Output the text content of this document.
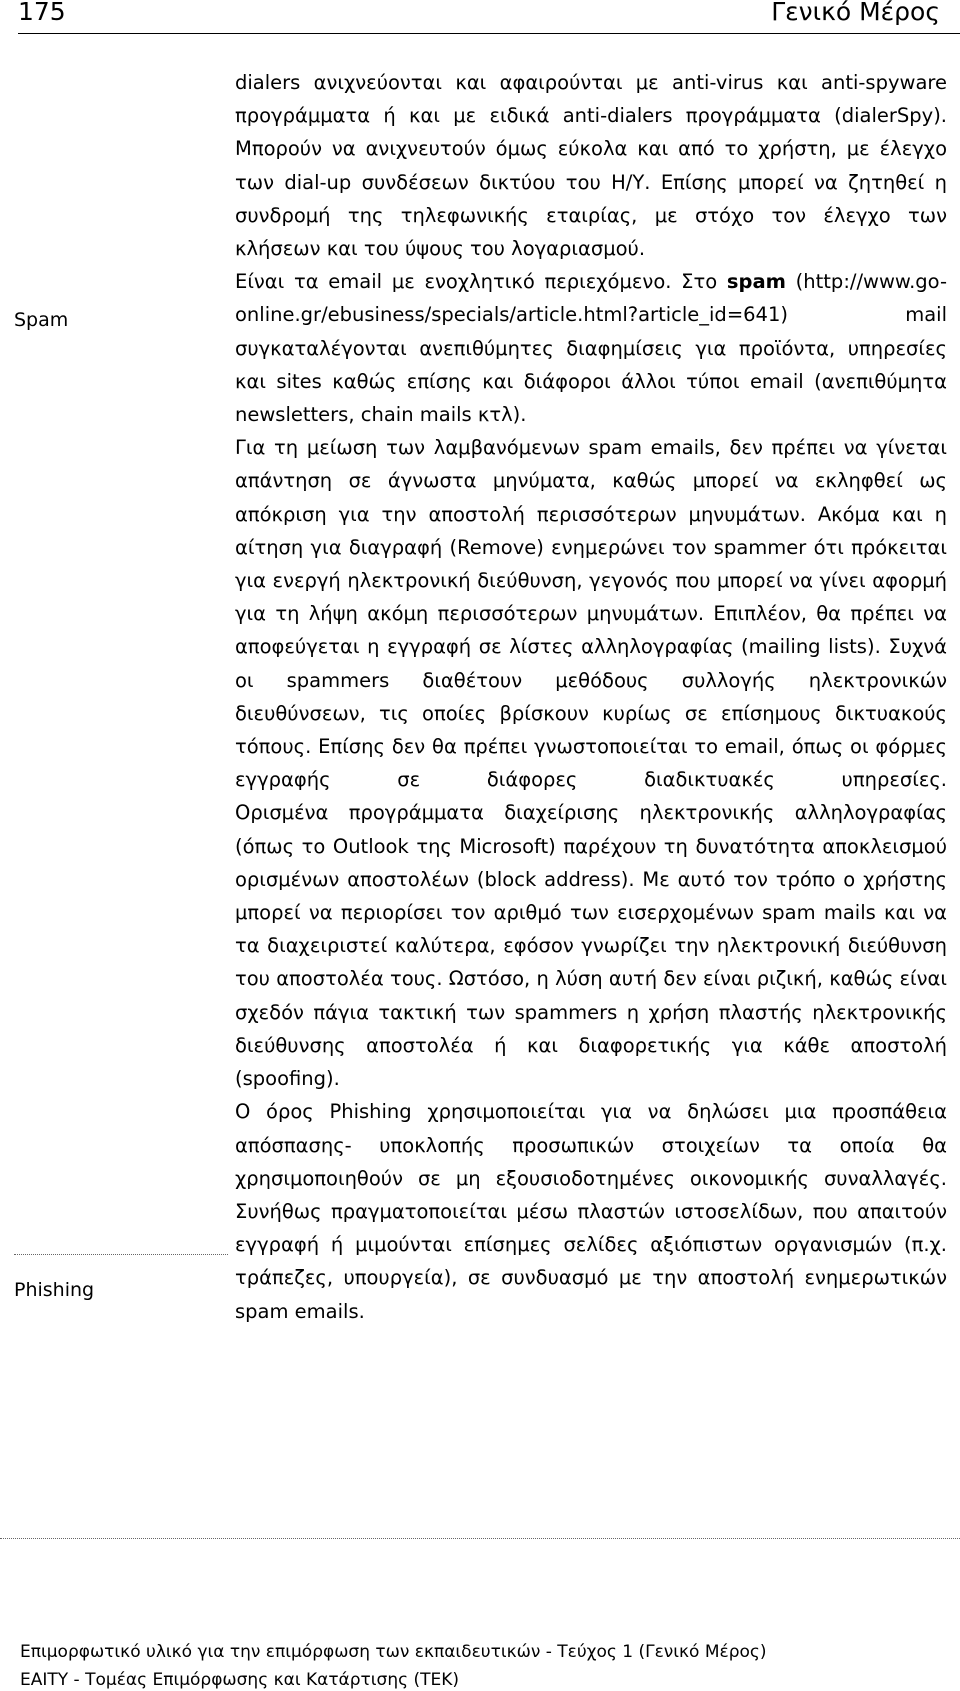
175	Γενικό Μέρος
Spam
Phishing

dialers ανιχνεύονται και αφαιρούνται με anti-virus και anti-spyware προγράμματα ή και με ειδικά anti-dialers προγράμματα (dialerSpy). Μπορούν να ανιχνευτούν όμως εύκολα και από το χρήστη, με έλεγχο των dial-up συνδέσεων δικτύου του Η/Υ. Επίσης μπορεί να ζητηθεί η συνδρομή της τηλεφωνικής εταιρίας, με στόχο τον έλεγχο των κλήσεων και του ύψους του λογαριασμού.

Είναι τα email με ενοχλητικό περιεχόμενο. Στο spam (http://www.go-online.gr/ebusiness/specials/article.html?article_id=641) mail συγκαταλέγονται ανεπιθύμητες διαφημίσεις για προϊόντα, υπηρεσίες και sites καθώς επίσης και διάφοροι άλλοι τύποι email (ανεπιθύμητα newsletters, chain mails κτλ).

Για τη μείωση των λαμβανόμενων spam emails, δεν πρέπει να γίνεται απάντηση σε άγνωστα μηνύματα, καθώς μπορεί να εκληφθεί ως απόκριση για την αποστολή περισσότερων μηνυμάτων. Ακόμα και η αίτηση για διαγραφή (Remove) ενημερώνει τον spammer ότι πρόκειται για ενεργή ηλεκτρονική διεύθυνση, γεγονός που μπορεί να γίνει αφορμή για τη λήψη ακόμη περισσότερων μηνυμάτων. Επιπλέον, θα πρέπει να αποφεύγεται η εγγραφή σε λίστες αλληλογραφίας (mailing lists). Συχνά οι spammers διαθέτουν μεθόδους συλλογής ηλεκτρονικών διευθύνσεων, τις οποίες βρίσκουν κυρίως σε επίσημους δικτυακούς τόπους. Επίσης δεν θα πρέπει γνωστοποιείται το email, όπως οι φόρμες εγγραφής σε διάφορες διαδικτυακές υπηρεσίες.

Ορισμένα προγράμματα διαχείρισης ηλεκτρονικής αλληλογραφίας (όπως το Outlook της Microsoft) παρέχουν τη δυνατότητα αποκλεισμού ορισμένων αποστολέων (block address). Με αυτό τον τρόπο ο χρήστης μπορεί να περιορίσει τον αριθμό των εισερχομένων spam mails και να τα διαχειριστεί καλύτερα, εφόσον γνωρίζει την ηλεκτρονική διεύθυνση του αποστολέα τους. Ωστόσο, η λύση αυτή δεν είναι ριζική, καθώς είναι σχεδόν πάγια τακτική των spammers η χρήση πλαστής ηλεκτρονικής διεύθυνσης αποστολέα ή και διαφορετικής για κάθε αποστολή (spoofing).

Ο όρος Phishing χρησιμοποιείται για να δηλώσει μια προσπάθεια απόσπασης- υποκλοπής προσωπικών στοιχείων τα οποία θα χρησιμοποιηθούν σε μη εξουσιοδοτημένες οικονομικής συναλλαγές. Συνήθως πραγματοποιείται μέσω πλαστών ιστοσελίδων, που απαιτούν εγγραφή ή μιμούνται επίσημες σελίδες αξιόπιστων οργανισμών (π.χ. τράπεζες, υπουργεία), σε συνδυασμό με την αποστολή ενημερωτικών spam emails.

Επιμορφωτικό υλικό για την επιμόρφωση των εκπαιδευτικών - Τεύχος 1 (Γενικό Μέρος)
ΕΑΙΤΥ - Τομέας Επιμόρφωσης και Κατάρτισης (ΤΕΚ)
